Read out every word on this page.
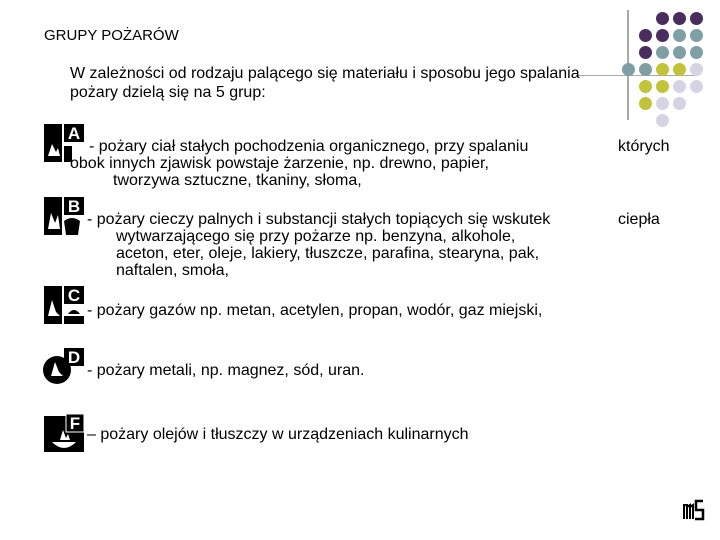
GRUPY POŻARÓW
W zależności od rodzaju palącego się materiału i sposobu jego spalania
pożary dzielą się na 5 grup:
A
- pożary ciał stałych pochodzenia organicznego, przy spalaniu
obok innych zjawisk powstaje żarzenie, np. drewno, papier,
tworzywa sztuczne, tkaniny, słoma,
których
B
- pożary cieczy palnych i substancji stałych topiących się wskutek
wytwarzającego się przy pożarze np. benzyna, alkohole,
aceton, eter, oleje, lakiery, tłuszcze, parafina, stearyna, pak,
naftalen, smoła,
ciepła
C
- pożary gazów np. metan, acetylen, propan, wodór, gaz miejski,
D
- pożary metali, np. magnez, sód, uran.
F
– pożary olejów i tłuszczy w urządzeniach kulinarnych
